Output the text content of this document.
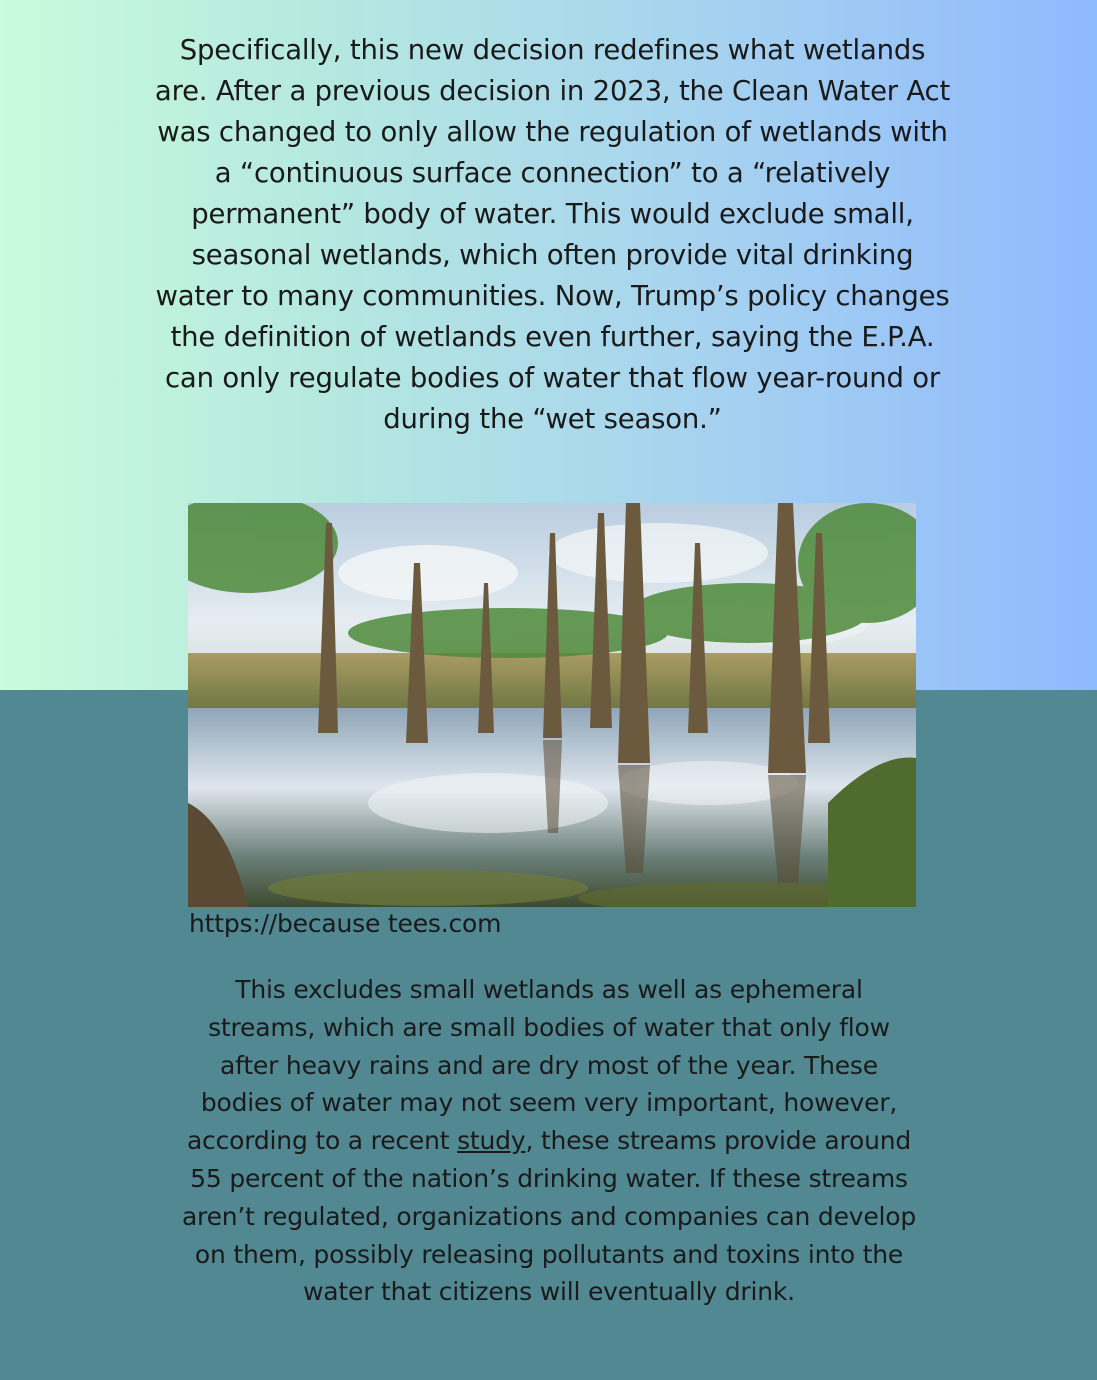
Specifically, this new decision redefines what wetlands are. After a previous decision in 2023, the Clean Water Act was changed to only allow the regulation of wetlands with a “continuous surface connection” to a “relatively permanent” body of water. This would exclude small, seasonal wetlands, which often provide vital drinking water to many communities. Now, Trump’s policy changes the definition of wetlands even further, saying the E.P.A. can only regulate bodies of water that flow year-round or during the “wet season.”

https://because tees.com

This excludes small wetlands as well as ephemeral streams, which are small bodies of water that only flow after heavy rains and are dry most of the year. These bodies of water may not seem very important, however, according to a recent study, these streams provide around 55 percent of the nation’s drinking water. If these streams aren’t regulated, organizations and companies can develop on them, possibly releasing pollutants and toxins into the water that citizens will eventually drink.
